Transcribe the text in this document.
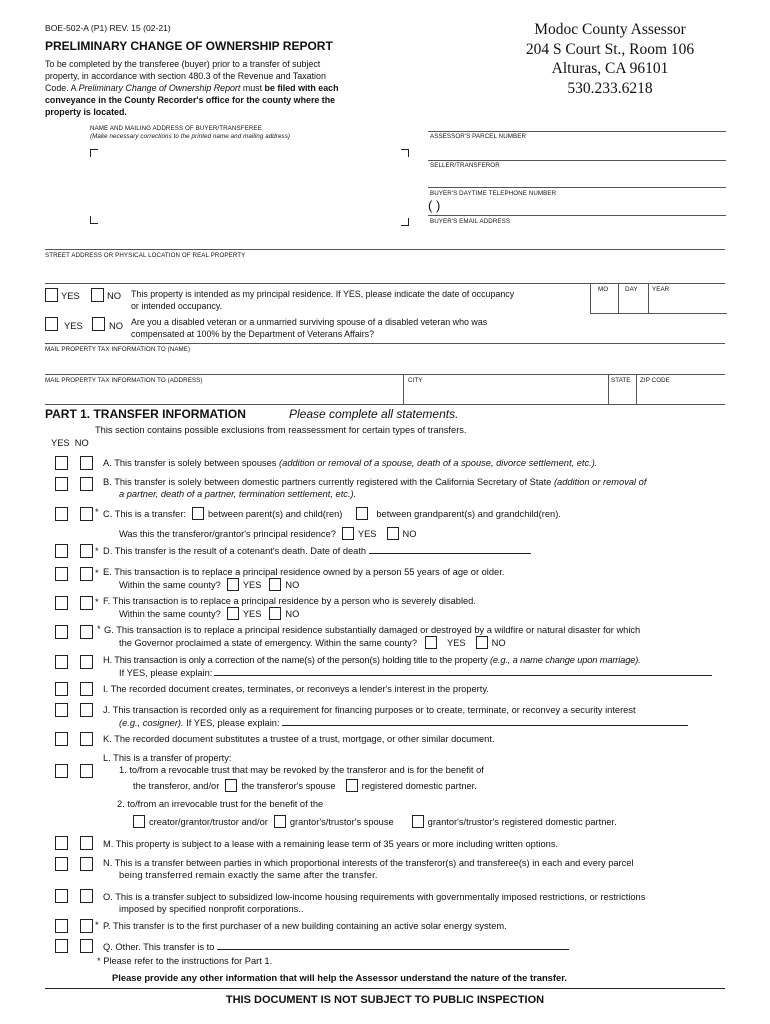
BOE-502-A (P1) REV. 15 (02-21)
PRELIMINARY CHANGE OF OWNERSHIP REPORT
To be completed by the transferee (buyer) prior to a transfer of subject
property, in accordance with section 480.3 of the Revenue and Taxation
Code. A Preliminary Change of Ownership Report must be filed with each
conveyance in the County Recorder's office for the county where the
property is located.
Modoc County Assessor
204 S Court St., Room 106
Alturas, CA 96101
530.233.6218
NAME AND MAILING ADDRESS OF BUYER/TRANSFEREE
(Make necessary corrections to the printed name and mailing address)	ASSESSOR'S PARCEL NUMBER
SELLER/TRANSFEROR
BUYER'S DAYTIME TELEPHONE NUMBER
( )
BUYER'S EMAIL ADDRESS
STREET ADDRESS OR PHYSICAL LOCATION OF REAL PROPERTY
YES	NO This property is intended as my principal residence. If YES, please indicate the date of occupancy
or intended occupancy.
MO	DAY YEAR
YES	NO Are you a disabled veteran or a unmarried surviving spouse of a disabled veteran who was
compensated at 100% by the Department of Veterans Affairs?
MAIL PROPERTY TAX INFORMATION TO (NAME)
MAIL PROPERTY TAX INFORMATION TO (ADDRESS)	CITY	STATE ZIP CODE
PART 1. TRANSFER INFORMATION	Please complete all statements.
This section contains possible exclusions from reassessment for certain types of transfers.
YES  NO
A. This transfer is solely between spouses (addition or removal of a spouse, death of a spouse, divorce settlement, etc.).
B. This transfer is solely between domestic partners currently registered with the California Secretary of State (addition or removal of
a partner, death of a partner, termination settlement, etc.).
* C. This is a transfer: between parent(s) and child(ren)	between grandparent(s) and grandchild(ren).
Was this the transferor/grantor's principal residence? YES	NO
* D. This transfer is the result of a cotenant's death. Date of death
* E. This transaction is to replace a principal residence owned by a person 55 years of age or older.
Within the same county? YES	NO
* F. This transaction is to replace a principal residence by a person who is severely disabled.
Within the same county? YES	NO
* G. This transaction is to replace a principal residence substantially damaged or destroyed by a wildfire or natural disaster for which
the Governor proclaimed a state of emergency. Within the same county?	YES	NO
H. This transaction is only a correction of the name(s) of the person(s) holding title to the property (e.g., a name change upon marriage).
If YES, please explain:
I. The recorded document creates, terminates, or reconveys a lender's interest in the property.
J. This transaction is recorded only as a requirement for financing purposes or to create, terminate, or reconvey a security interest
(e.g., cosigner). If YES, please explain:
K. The recorded document substitutes a trustee of a trust, mortgage, or other similar document.
L. This is a transfer of property:
1. to/from a revocable trust that may be revoked by the transferor and is for the benefit of
the transferor, and/or the transferor's spouse	registered domestic partner.
2. to/from an irrevocable trust for the benefit of the
creator/grantor/trustor and/or grantor's/trustor's spouse	grantor's/trustor's registered domestic partner.
M. This property is subject to a lease with a remaining lease term of 35 years or more including written options.
N. This is a transfer between parties in which proportional interests of the transferor(s) and transferee(s) in each and every parcel
being transferred remain exactly the same after the transfer.
O. This is a transfer subject to subsidized low-income housing requirements with governmentally imposed restrictions, or restrictions
imposed by specified nonprofit corporations..
* P. This transfer is to the first purchaser of a new building containing an active solar energy system.
Q. Other. This transfer is to
* Please refer to the instructions for Part 1.
Please provide any other information that will help the Assessor understand the nature of the transfer.
THIS DOCUMENT IS NOT SUBJECT TO PUBLIC INSPECTION
